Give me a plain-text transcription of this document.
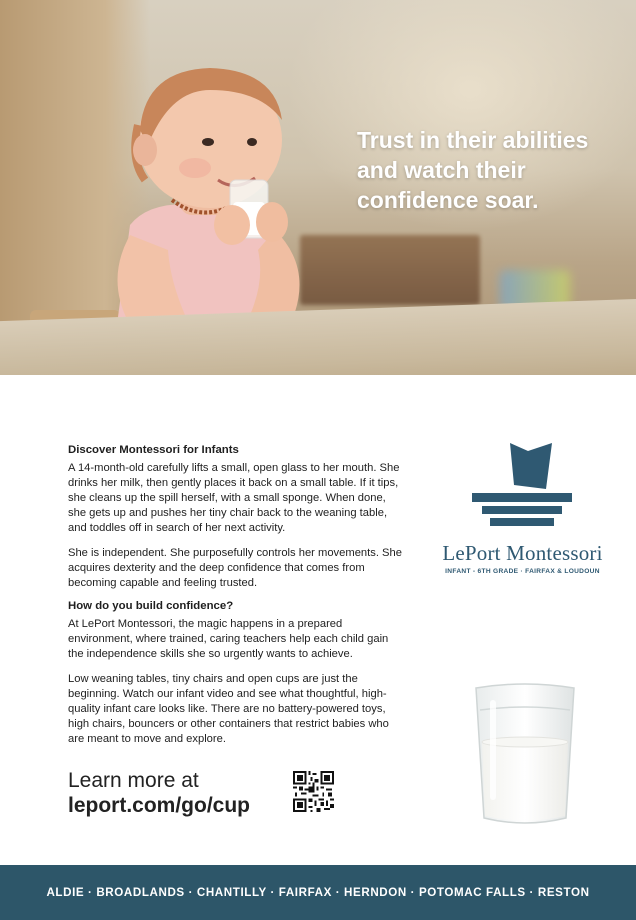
Trust in their abilities and watch their confidence soar.
Discover Montessori for Infants

A 14-month-old carefully lifts a small, open glass to her mouth. She drinks her milk, then gently places it back on a small table. If it tips, she cleans up the spill herself, with a small sponge. When done, she gets up and pushes her tiny chair back to the weaning table, and toddles off in search of her next activity.

She is independent. She purposefully controls her movements. She acquires dexterity and the deep confidence that comes from becoming capable and feeling trusted.

How do you build confidence?

At LePort Montessori, the magic happens in a prepared environment, where trained, caring teachers help each child gain the independence skills she so urgently wants to achieve.

Low weaning tables, tiny chairs and open cups are just the beginning. Watch our infant video and see what thoughtful, high-quality infant care looks like. There are no battery-powered toys, high chairs, bouncers or other containers that restrict babies who are meant to move and explore.

Learn more at
leport.com/go/cup
LePort Montessori
INFANT - 6TH GRADE · FAIRFAX & LOUDOUN
ALDIE · BROADLANDS · CHANTILLY · FAIRFAX · HERNDON · POTOMAC FALLS · RESTON
